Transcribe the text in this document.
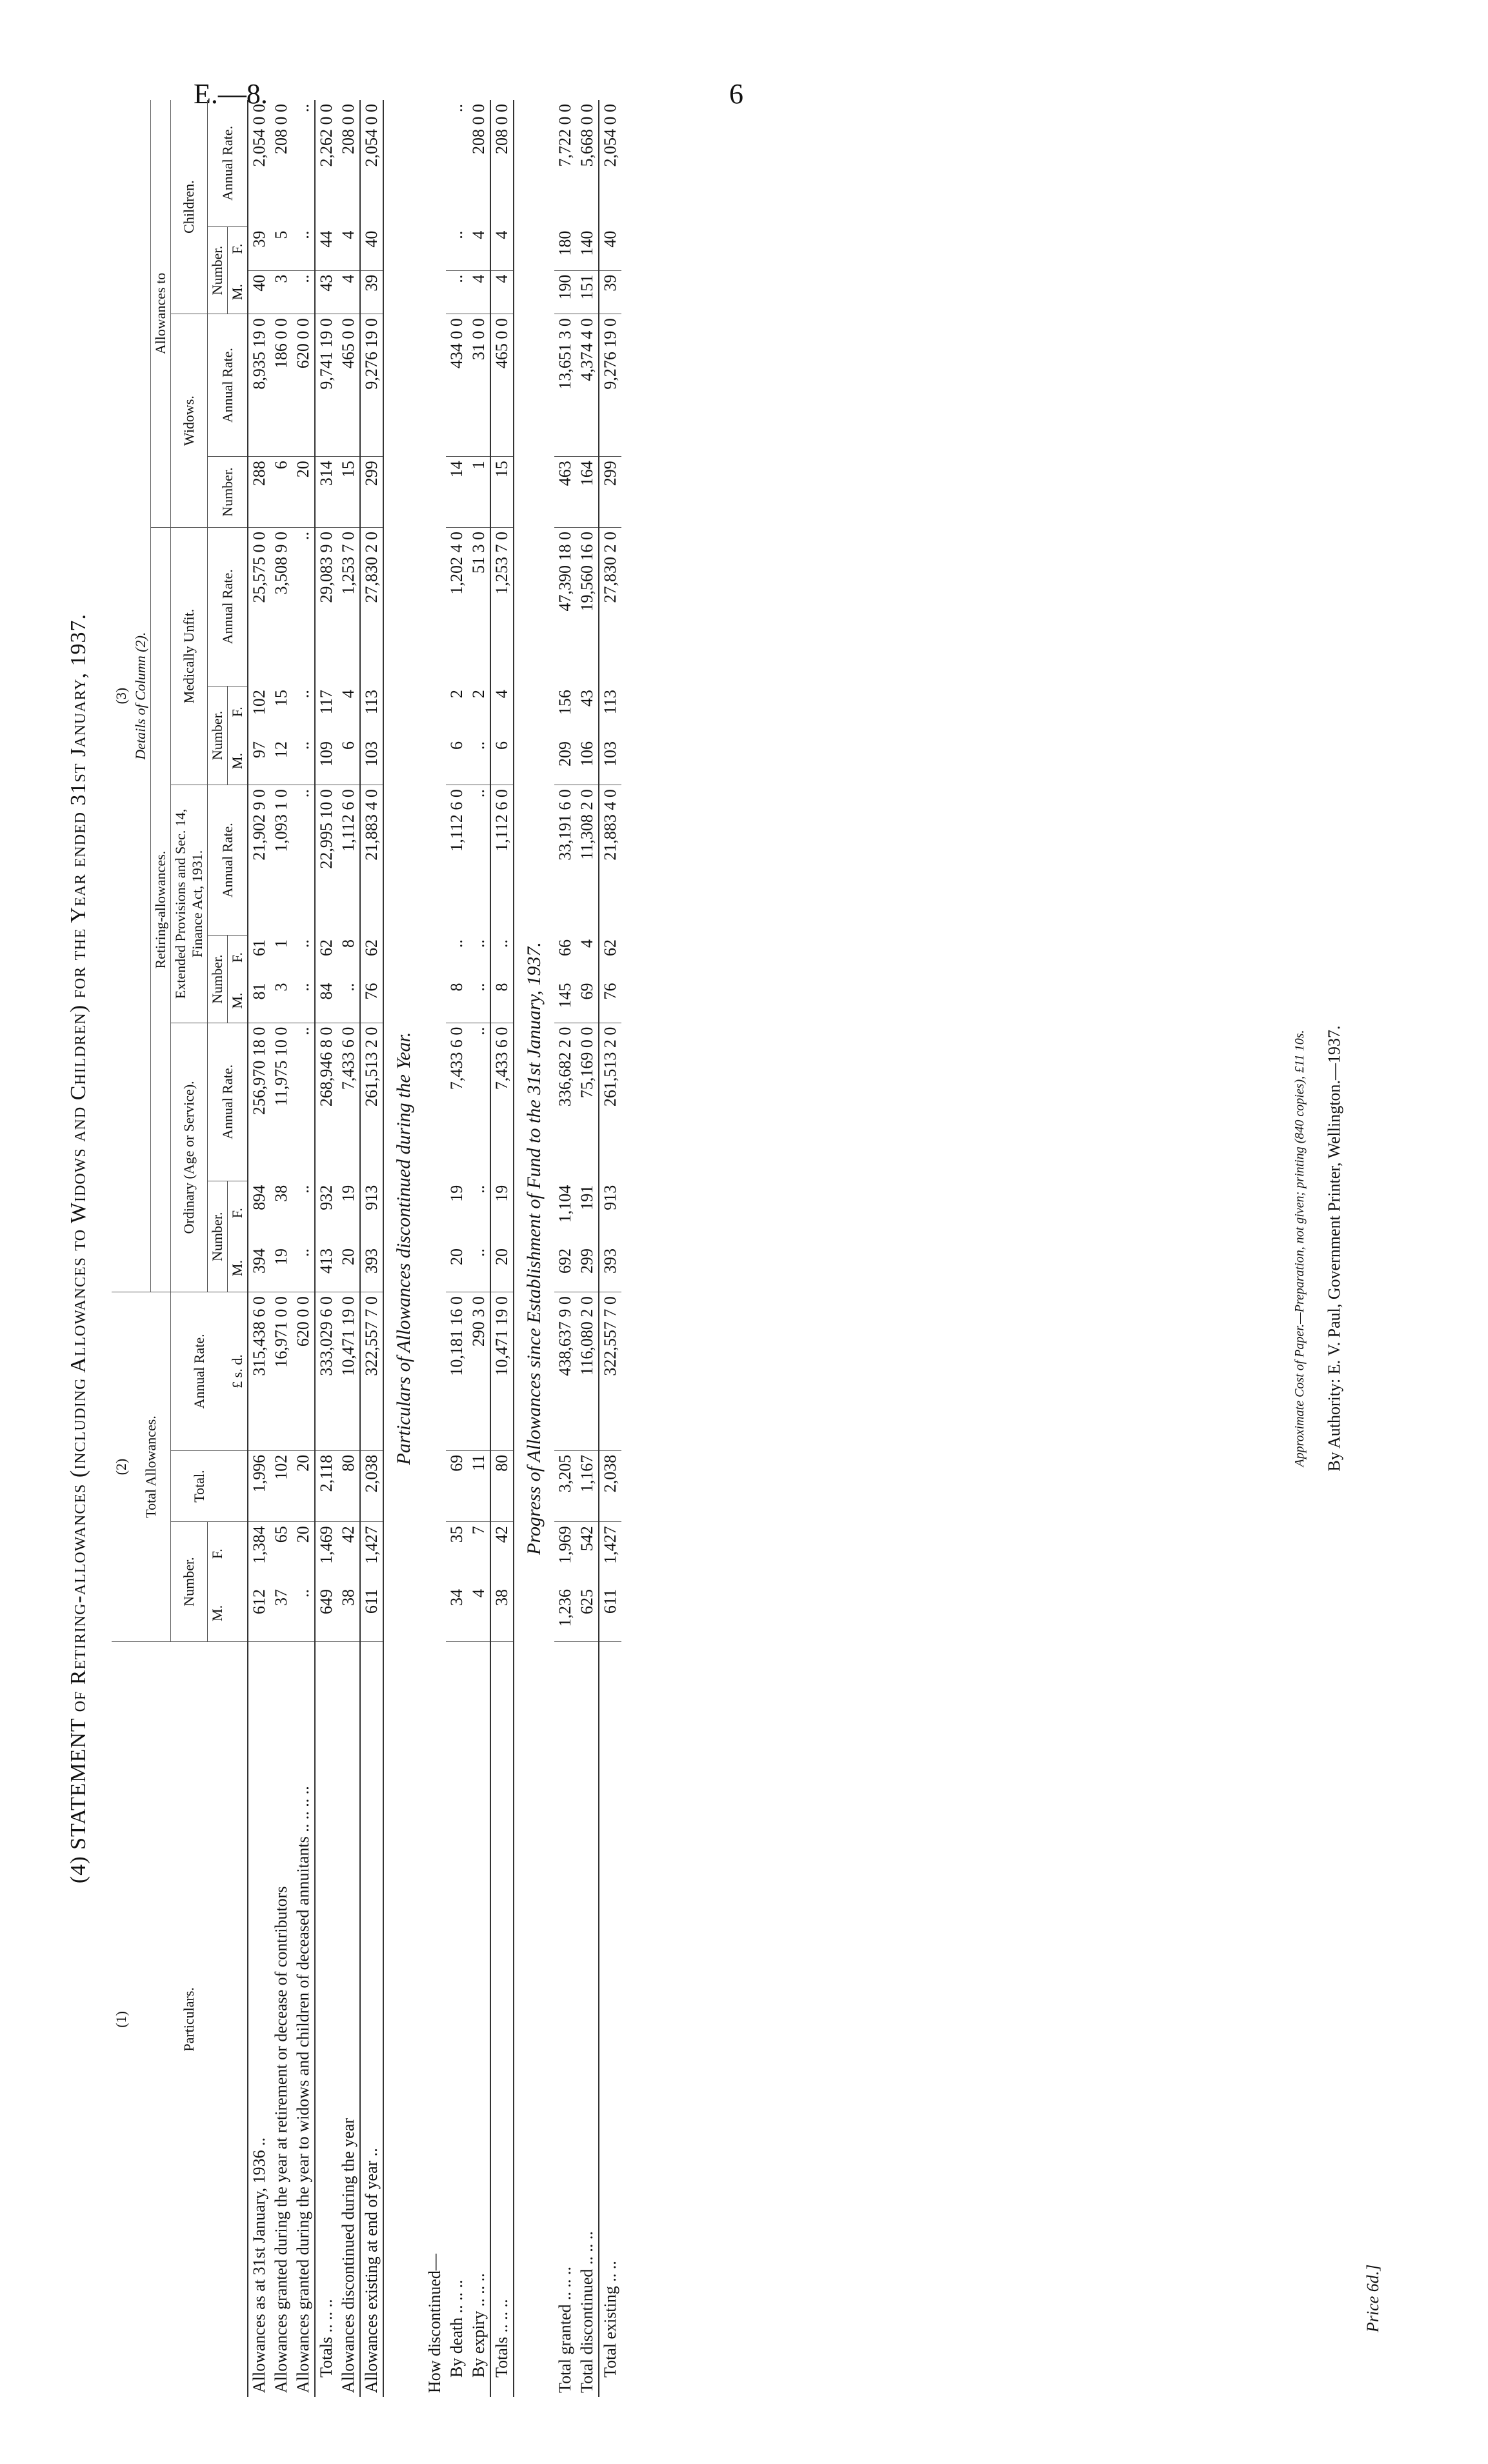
E.—8.	6
(4) STATEMENT of Retiring-allowances (including Allowances to Widows and Children) for the Year ended 31st January, 1937.
(1)	(2)				(3)													
Particulars.	Total Allowances.				Details of Column (2).													
					Retiring-allowances.									Allowances to				
	Number.		Total.	Annual Rate.	Ordinary (Age or Service).			Extended Provisions and Sec. 14, Finance Act, 1931.			Medically Unfit.			Widows.		Children.		
	M.	F.			Number.		Annual Rate.	Number.		Annual Rate.	Number.		Annual Rate.	Number.	Annual Rate.	Number.		Annual Rate.
				£ s. d.	M.	F.		M.	F.		M.	F.				M.	F.	
Allowances as at 31st January, 1936 ..	612	1,384	1,996	315,438 6 0	394	894	256,970 18 0	81	61	21,902 9 0	97	102	25,575 0 0	288	8,935 19 0	40	39	2,054 0 0
Allowances granted during the year at retirement or decease of contributors	37	65	102	16,971 0 0	19	38	11,975 10 0	3	1	1,093 1 0	12	15	3,508 9 0	6	186 0 0	3	5	208 0 0
Allowances granted during the year to widows and children of deceased annuitants .. .. .. ..	..	20	20	620 0 0	..	..	..	..	..	..	..	..	..	20	620 0 0	..	..	..
Totals .. .. ..	649	1,469	2,118	333,029 6 0	413	932	268,946 8 0	84	62	22,995 10 0	109	117	29,083 9 0	314	9,741 19 0	43	44	2,262 0 0
Allowances discontinued during the year	38	42	80	10,471 19 0	20	19	7,433 6 0	..	8	1,112 6 0	6	4	1,253 7 0	15	465 0 0	4	4	208 0 0
Allowances existing at end of year ..	611	1,427	2,038	322,557 7 0	393	913	261,513 2 0	76	62	21,883 4 0	103	113	27,830 2 0	299	9,276 19 0	39	40	2,054 0 0
Particulars of Allowances discontinued during the Year.																		
How discontinued—																		
By death .. .. ..	34	35	69	10,181 16 0	20	19	7,433 6 0	8	..	1,112 6 0	6	2	1,202 4 0	14	434 0 0	..	..	..
By expiry .. .. ..	4	7	11	290 3 0	..	..	..	..	..	..	..	2	51 3 0	1	31 0 0	4	4	208 0 0
Totals .. .. ..	38	42	80	10,471 19 0	20	19	7,433 6 0	8	..	1,112 6 0	6	4	1,253 7 0	15	465 0 0	4	4	208 0 0
Progress of Allowances since Establishment of Fund to the 31st January, 1937.																		
Total granted .. .. ..	1,236	1,969	3,205	438,637 9 0	692	1,104	336,682 2 0	145	66	33,191 6 0	209	156	47,390 18 0	463	13,651 3 0	190	180	7,722 0 0
Total discontinued .. .. ..	625	542	1,167	116,080 2 0	299	191	75,169 0 0	69	4	11,308 2 0	106	43	19,560 16 0	164	4,374 4 0	151	140	5,668 0 0
Total existing .. ..	611	1,427	2,038	322,557 7 0	393	913	261,513 2 0	76	62	21,883 4 0	103	113	27,830 2 0	299	9,276 19 0	39	40	2,054 0 0
Approximate Cost of Paper.—Preparation, not given; printing (840 copies), £11 10s. By Authority: E. V. Paul, Government Printer, Wellington.—1937.
Price 6d.]
